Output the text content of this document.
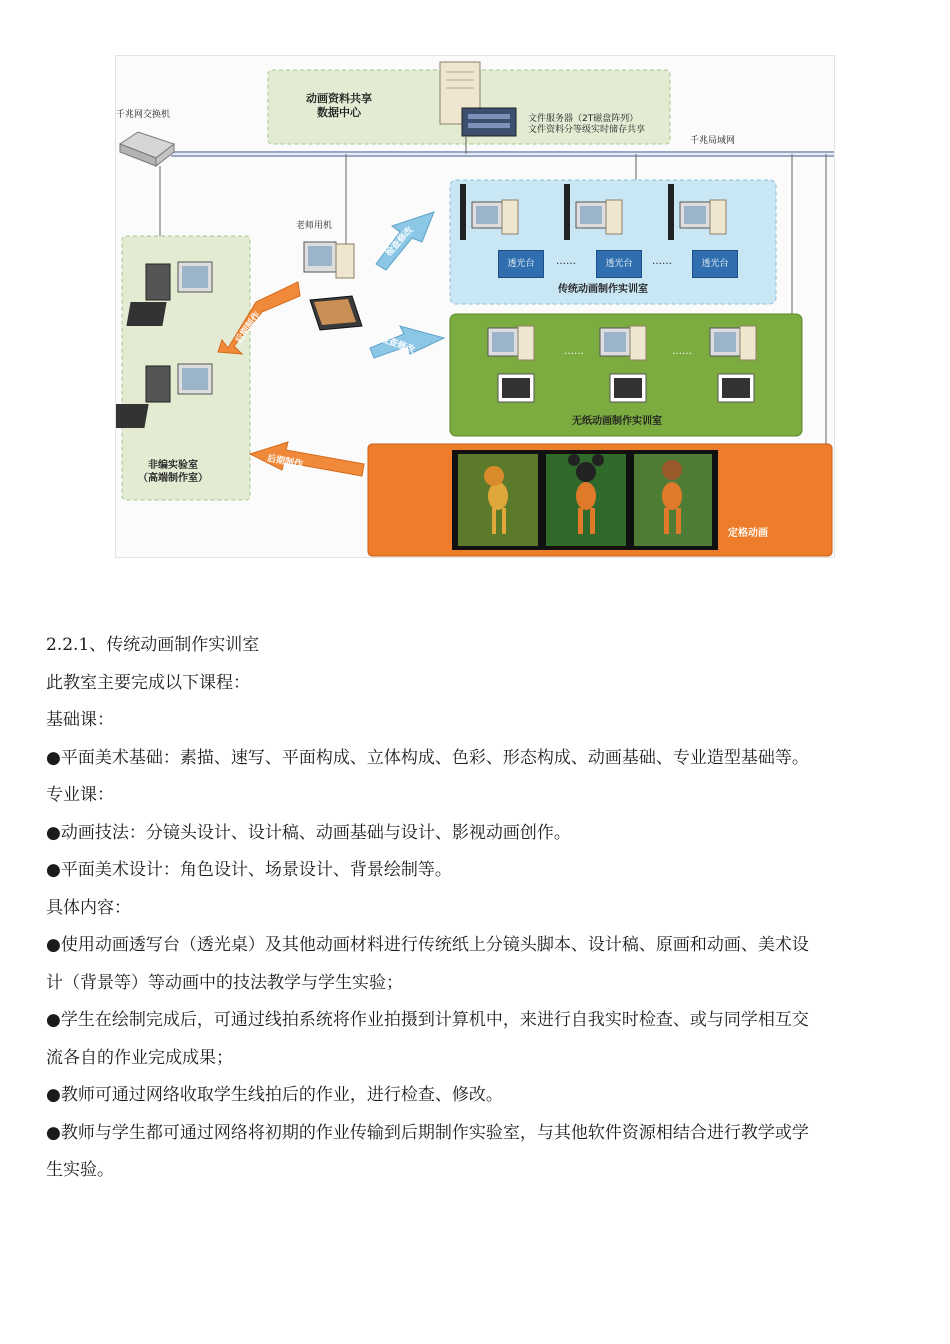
动画资料共享
数据中心
文件服务器（2T磁盘阵列）
文件资料分等级实时储存共享
千兆网交换机
千兆局域网
老师用机
透光台	……	透光台	……	透光台
传统动画制作实训室
……	……
无纸动画制作实训室
非编实验室
（高端制作室）
定格动画
检查修改
检查修改
后期制作
后期制作

2.2.1、传统动画制作实训室

此教室主要完成以下课程：

基础课：

●平面美术基础：素描、速写、平面构成、立体构成、色彩、形态构成、动画基础、专业造型基础等。

专业课：

●动画技法：分镜头设计、设计稿、动画基础与设计、影视动画创作。

●平面美术设计：角色设计、场景设计、背景绘制等。

具体内容：

●使用动画透写台（透光桌）及其他动画材料进行传统纸上分镜头脚本、设计稿、原画和动画、美术设

计（背景等）等动画中的技法教学与学生实验；

●学生在绘制完成后，可通过线拍系统将作业拍摄到计算机中，来进行自我实时检查、或与同学相互交

流各自的作业完成成果；

●教师可通过网络收取学生线拍后的作业，进行检查、修改。

●教师与学生都可通过网络将初期的作业传输到后期制作实验室，与其他软件资源相结合进行教学或学

生实验。
